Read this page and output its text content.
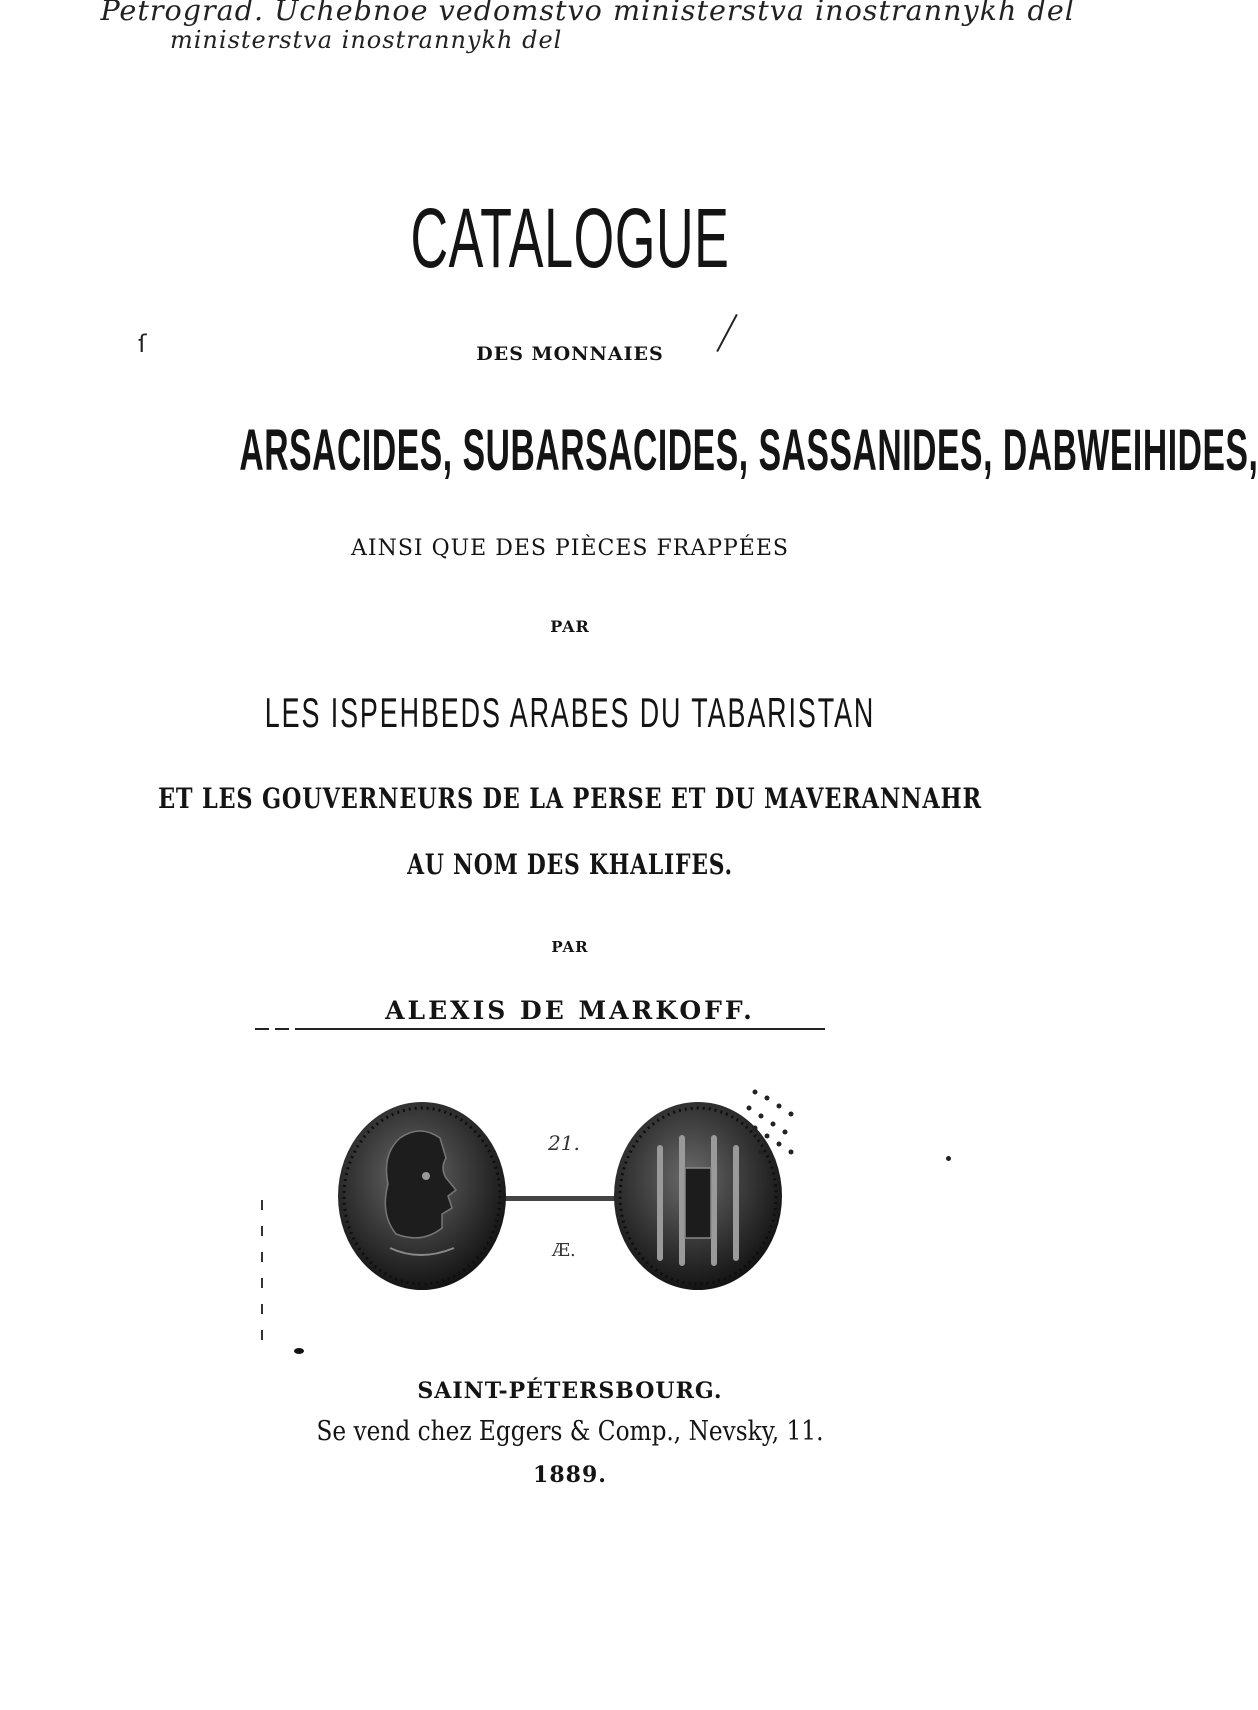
Petrograd. Uchebnoe vedomstvo ministerstva inostrannykh del
ministerstva inostrannykh del
ſ
CATALOGUE
DES MONNAIES
ARSACIDES, SUBARSACIDES, SASSANIDES, DABWEIHIDES,
AINSI QUE DES PIÈCES FRAPPÉES
PAR
LES ISPEHBEDS ARABES DU TABARISTAN
ET LES GOUVERNEURS DE LA PERSE ET DU MAVERANNAHR
AU NOM DES KHALIFES.
PAR
ALEXIS DE MARKOFF.
21.
Æ.
SAINT-PÉTERSBOURG.
Se vend chez Eggers & Comp., Nevsky, 11.
1889.
